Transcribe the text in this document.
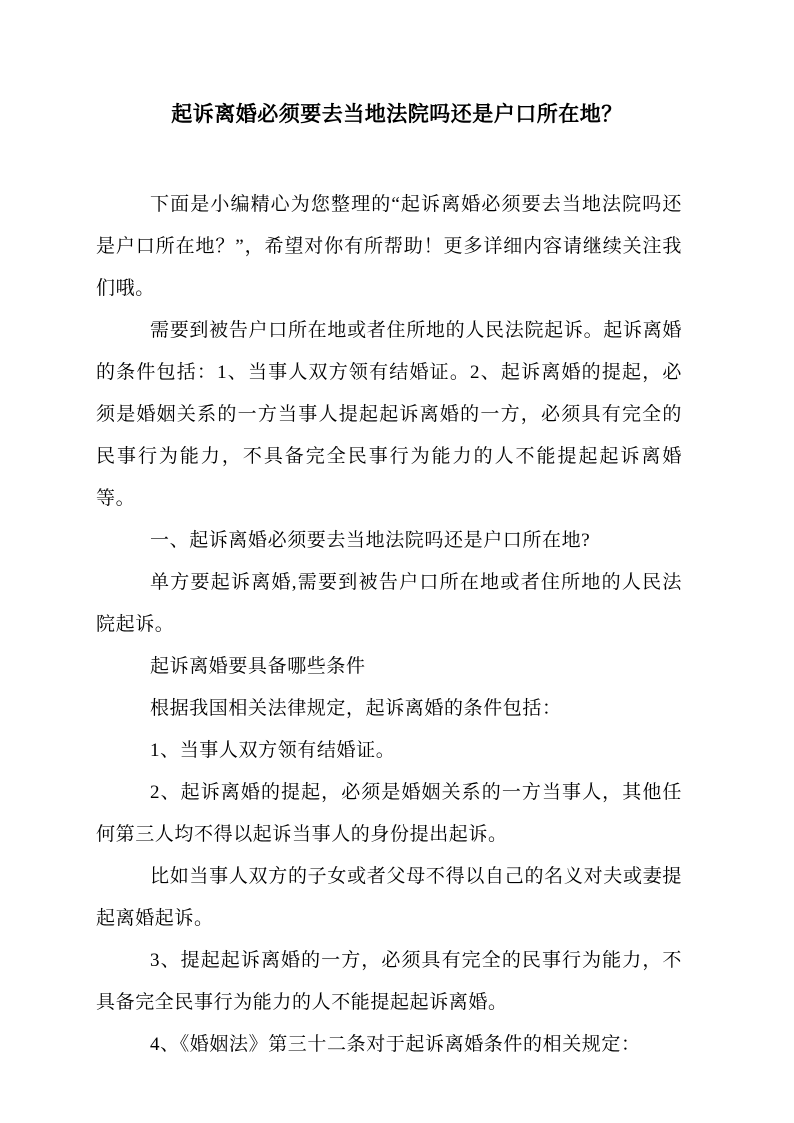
起诉离婚必须要去当地法院吗还是户口所在地？

下面是小编精心为您整理的“起诉离婚必须要去当地法院吗还是户口所在地？”，希望对你有所帮助！更多详细内容请继续关注我们哦。

需要到被告户口所在地或者住所地的人民法院起诉。起诉离婚的条件包括：1、当事人双方领有结婚证。2、起诉离婚的提起，必须是婚姻关系的一方当事人提起起诉离婚的一方，必须具有完全的民事行为能力，不具备完全民事行为能力的人不能提起起诉离婚等。

一、起诉离婚必须要去当地法院吗还是户口所在地?

单方要起诉离婚,需要到被告户口所在地或者住所地的人民法院起诉。

起诉离婚要具备哪些条件

根据我国相关法律规定，起诉离婚的条件包括：

1、当事人双方领有结婚证。

2、起诉离婚的提起，必须是婚姻关系的一方当事人，其他任何第三人均不得以起诉当事人的身份提出起诉。

比如当事人双方的子女或者父母不得以自己的名义对夫或妻提起离婚起诉。

3、提起起诉离婚的一方，必须具有完全的民事行为能力，不具备完全民事行为能力的人不能提起起诉离婚。

4、《婚姻法》第三十二条对于起诉离婚条件的相关规定：
